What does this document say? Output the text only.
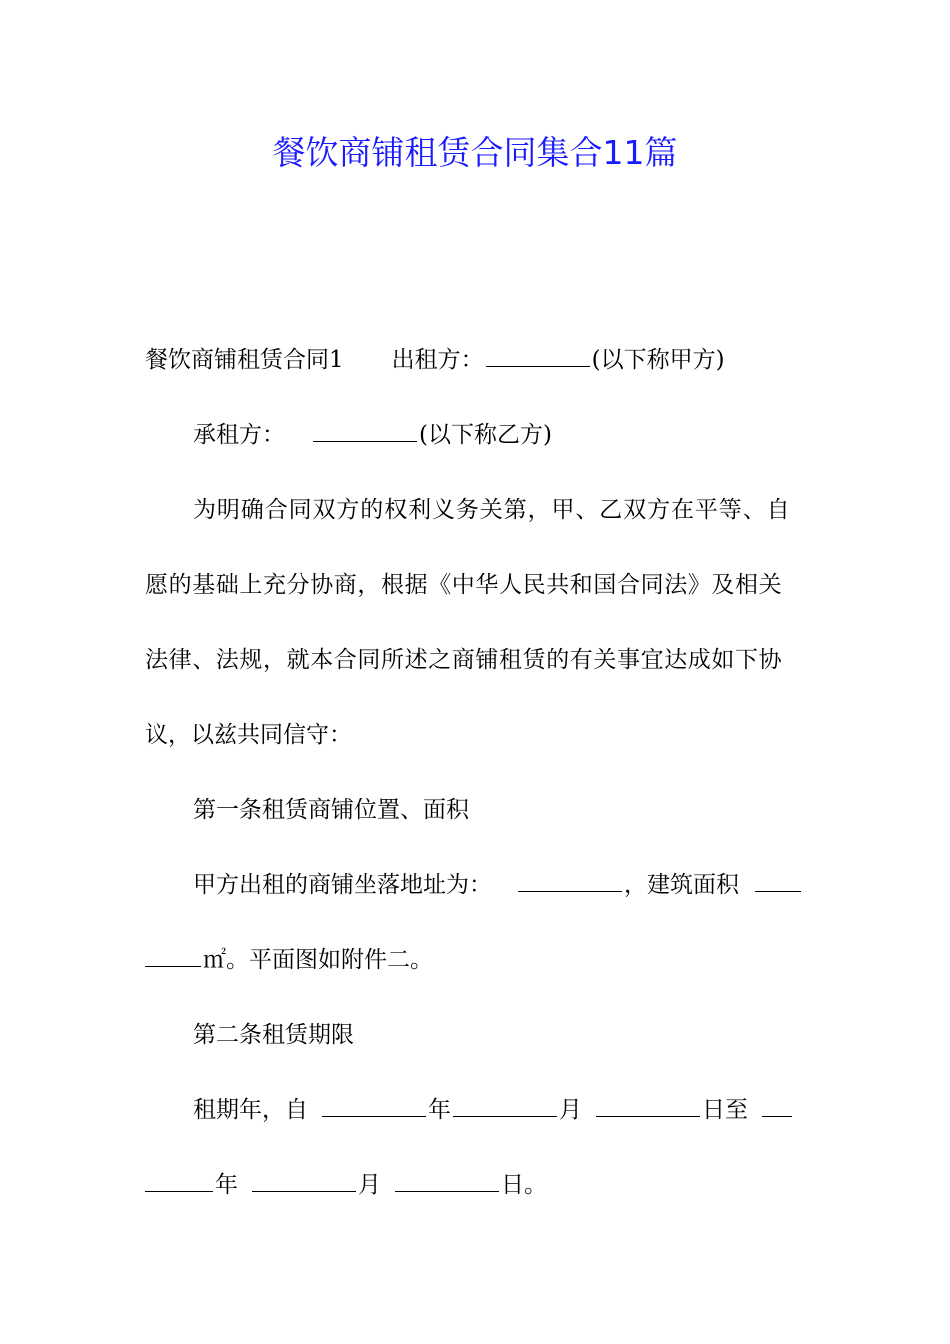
餐饮商铺租赁合同集合11篇
餐饮商铺租赁合同1 出租方：	(以下称甲方)
承租方：	(以下称乙方)
为明确合同双方的权利义务关第，甲、乙双方在平等、自
愿的基础上充分协商，根据《中华人民共和国合同法》及相关
法律、法规，就本合同所述之商铺租赁的有关事宜达成如下协
议，以兹共同信守：
第一条租赁商铺位置、面积
甲方出租的商铺坐落地址为：	，建筑面积
㎡。平面图如附件二。
第二条租赁期限
租期年，自	年	月	日至
年	月	日。
